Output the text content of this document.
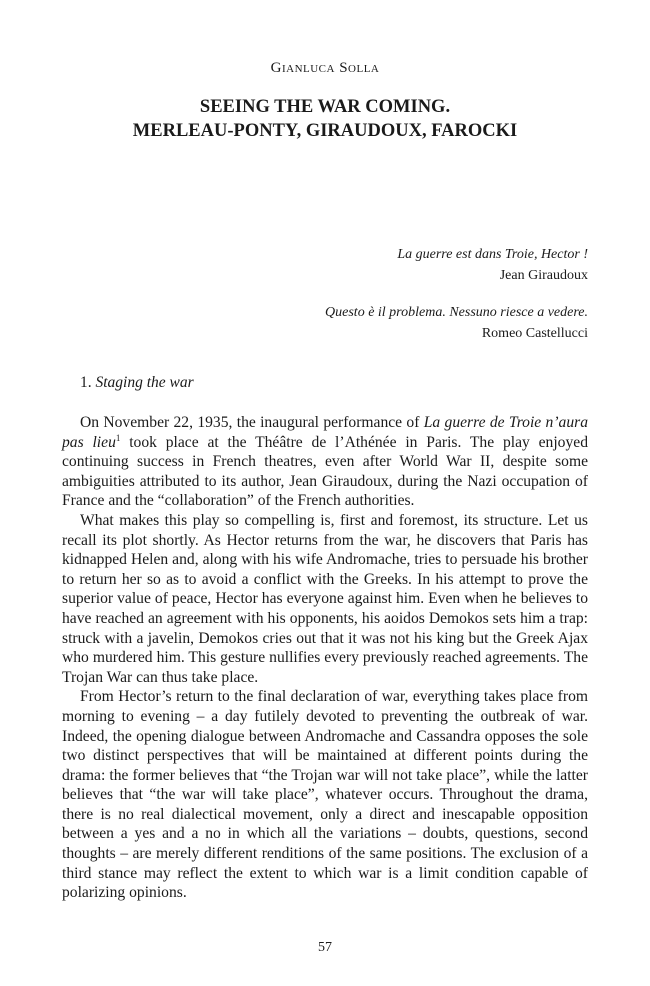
Gianluca Solla
SEEING THE WAR COMING.
MERLEAU-PONTY, GIRAUDOUX, FAROCKI
La guerre est dans Troie, Hector !
Jean Giraudoux
Questo è il problema. Nessuno riesce a vedere.
Romeo Castellucci
1. Staging the war

On November 22, 1935, the inaugural performance of La guerre de Troie n’aura pas lieu$^1$ took place at the Théâtre de l’Athénée in Paris. The play enjoyed continuing success in French theatres, even after World War II, despite some ambiguities attributed to its author, Jean Giraudoux, during the Nazi occupation of France and the “collaboration” of the French authorities.

What makes this play so compelling is, first and foremost, its structure. Let us recall its plot shortly. As Hector returns from the war, he discovers that Paris has kidnapped Helen and, along with his wife Andromache, tries to persuade his brother to return her so as to avoid a conflict with the Greeks. In his attempt to prove the superior value of peace, Hector has everyone against him. Even when he believes to have reached an agreement with his opponents, his aoidos Demokos sets him a trap: struck with a javelin, Demokos cries out that it was not his king but the Greek Ajax who murdered him. This gesture nullifies every previously reached agreements. The Trojan War can thus take place.

From Hector’s return to the final declaration of war, everything takes place from morning to evening – a day futilely devoted to preventing the outbreak of war. Indeed, the opening dialogue between Andromache and Cassandra opposes the sole two distinct perspectives that will be maintained at different points during the drama: the former believes that “the Trojan war will not take place”, while the latter believes that “the war will take place”, whatever occurs. Throughout the drama, there is no real dialectical movement, only a direct and inescapable opposition between a yes and a no in which all the variations – doubts, questions, second thoughts – are merely different renditions of the same positions. The exclusion of a third stance may reflect the extent to which war is a limit condition capable of polarizing opinions.

57
